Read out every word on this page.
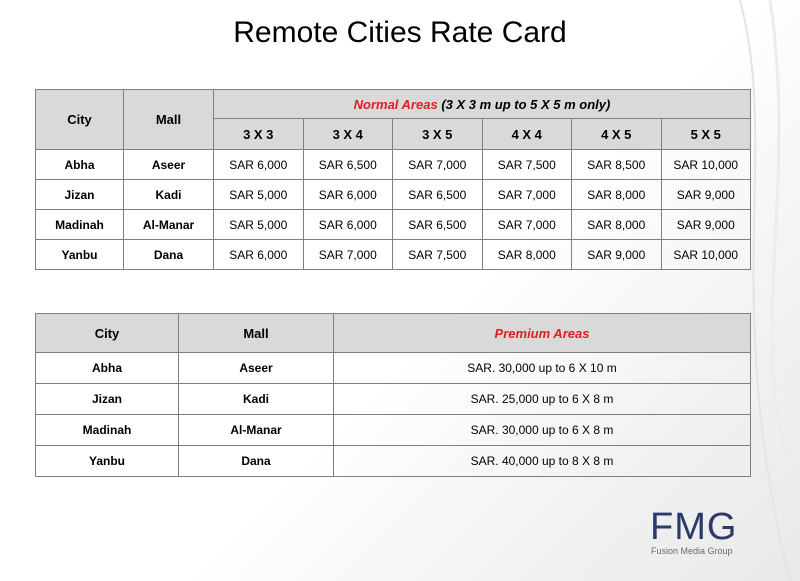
Remote Cities Rate Card
City	Mall	Normal Areas (3 X 3 m up to 5 X 5 m only)					
		3 X 3	3 X 4	3 X 5	4 X 4	4 X 5	5 X 5
Abha	Aseer	SAR 6,000	SAR 6,500	SAR 7,000	SAR 7,500	SAR 8,500	SAR 10,000
Jizan	Kadi	SAR 5,000	SAR 6,000	SAR 6,500	SAR 7,000	SAR 8,000	SAR 9,000
Madinah	Al-Manar	SAR 5,000	SAR 6,000	SAR 6,500	SAR 7,000	SAR 8,000	SAR 9,000
Yanbu	Dana	SAR 6,000	SAR 7,000	SAR 7,500	SAR 8,000	SAR 9,000	SAR 10,000
City	Mall	Premium Areas
Abha	Aseer	SAR. 30,000 up to 6 X 10 m
Jizan	Kadi	SAR. 25,000 up to 6 X 8 m
Madinah	Al-Manar	SAR. 30,000 up to 6 X 8 m
Yanbu	Dana	SAR. 40,000 up to 8 X 8 m
FMG
Fusion Media Group
